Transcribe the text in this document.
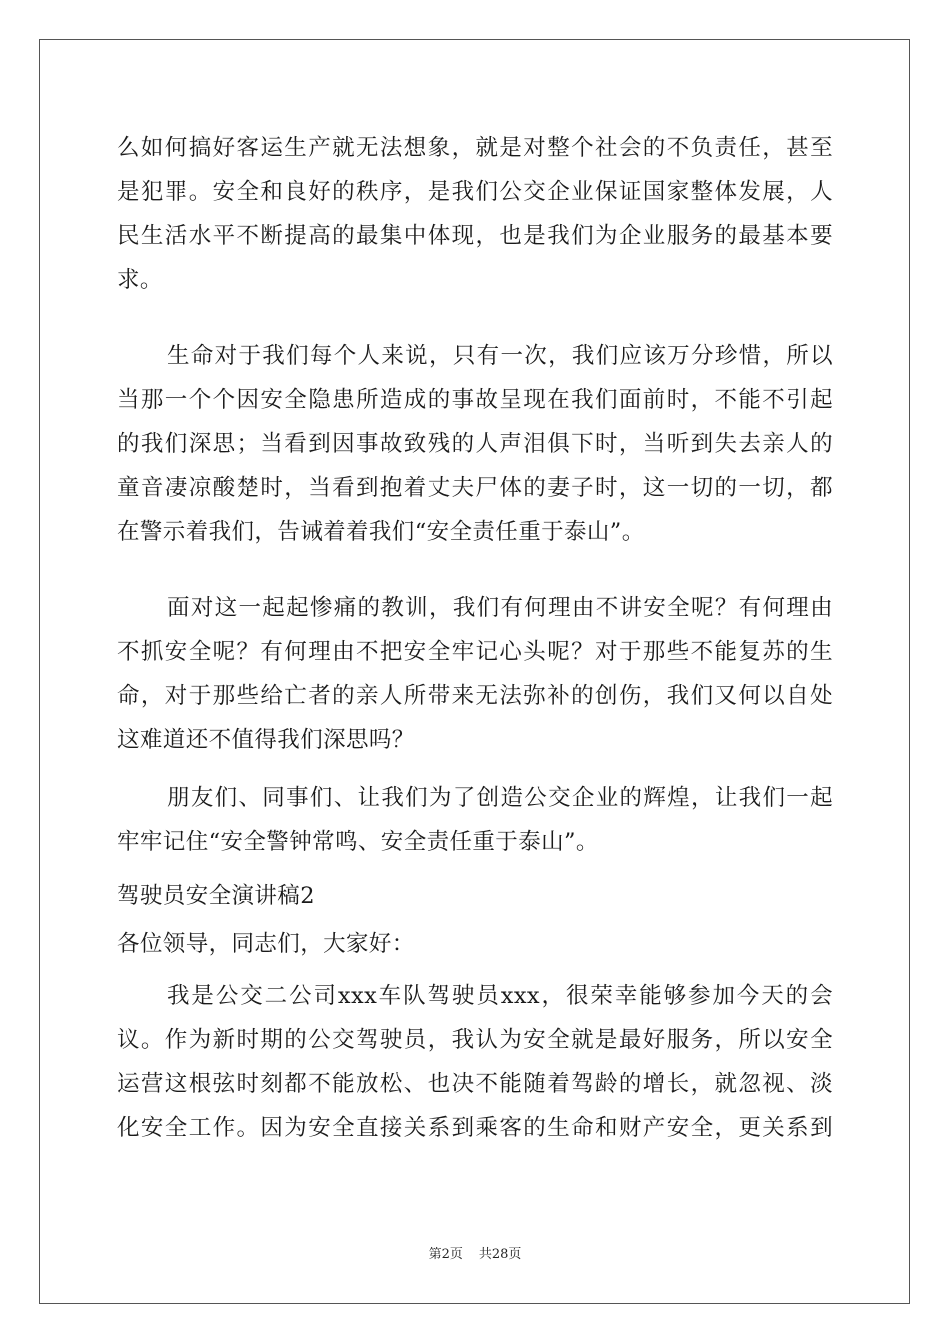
么如何搞好客运生产就无法想象，就是对整个社会的不负责任，甚至
是犯罪。安全和良好的秩序，是我们公交企业保证国家整体发展，人
民生活水平不断提高的最集中体现，也是我们为企业服务的最基本要
求。
生命对于我们每个人来说，只有一次，我们应该万分珍惜，所以
当那一个个因安全隐患所造成的事故呈现在我们面前时，不能不引起
的我们深思；当看到因事故致残的人声泪俱下时，当听到失去亲人的
童音凄凉酸楚时，当看到抱着丈夫尸体的妻子时，这一切的一切，都
在警示着我们，告诫着着我们“安全责任重于泰山”。
面对这一起起惨痛的教训，我们有何理由不讲安全呢？有何理由
不抓安全呢？有何理由不把安全牢记心头呢？对于那些不能复苏的生
命，对于那些给亡者的亲人所带来无法弥补的创伤，我们又何以自处
这难道还不值得我们深思吗？
朋友们、同事们、让我们为了创造公交企业的辉煌，让我们一起
牢牢记住“安全警钟常鸣、安全责任重于泰山”。
驾驶员安全演讲稿2
各位领导，同志们，大家好：
我是公交二公司xxx车队驾驶员xxx，很荣幸能够参加今天的会
议。作为新时期的公交驾驶员，我认为安全就是最好服务，所以安全
运营这根弦时刻都不能放松、也决不能随着驾龄的增长，就忽视、淡
化安全工作。因为安全直接关系到乘客的生命和财产安全，更关系到
第2页 共28页
